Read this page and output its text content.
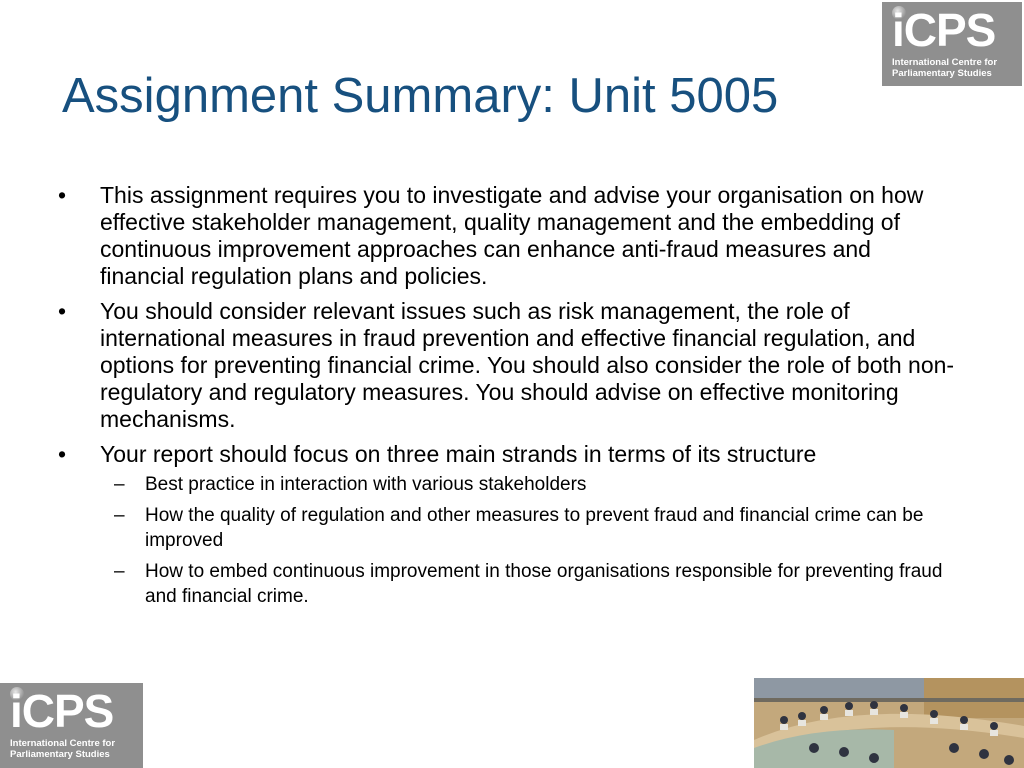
iCPS
International Centre for
Parliamentary Studies
Assignment Summary: Unit 5005
• This assignment requires you to investigate and advise your organisation on how effective stakeholder management, quality management and the embedding of continuous improvement approaches can enhance anti-fraud measures and financial regulation plans and policies.
• You should consider relevant issues such as risk management, the role of international measures in fraud prevention and effective financial regulation, and options for preventing financial crime. You should also consider the role of both non-regulatory and regulatory measures. You should advise on effective monitoring mechanisms.
• Your report should focus on three main strands in terms of its structure
– Best practice in interaction with various stakeholders
– How the quality of regulation and other measures to prevent fraud and financial crime can be improved
– How to embed continuous improvement in those organisations responsible for preventing fraud and financial crime.
iCPS
International Centre for
Parliamentary Studies
